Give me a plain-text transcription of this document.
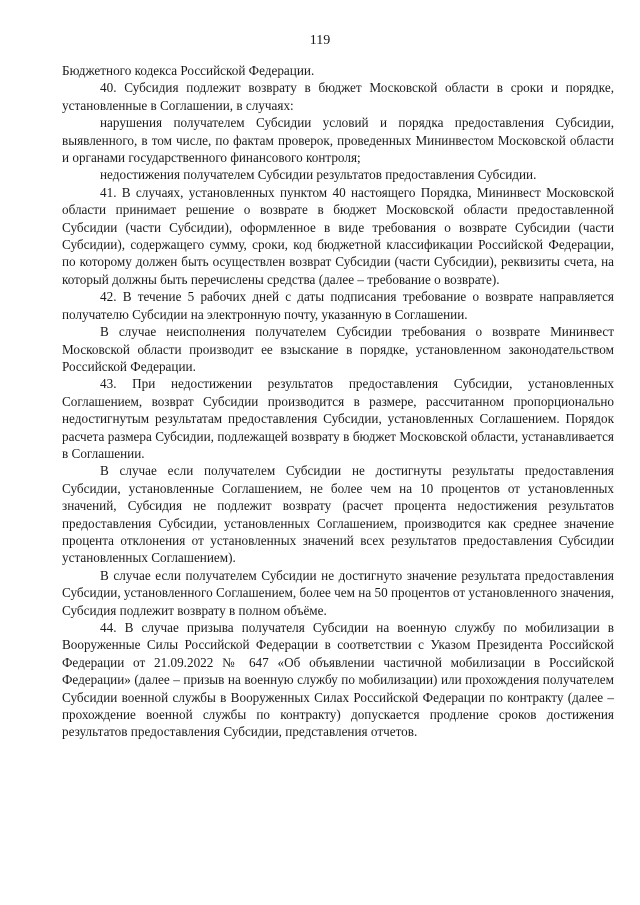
119

Бюджетного кодекса Российской Федерации.

40. Субсидия подлежит возврату в бюджет Московской области в сроки и порядке, установленные в Соглашении, в случаях:

нарушения получателем Субсидии условий и порядка предоставления Субсидии, выявленного, в том числе, по фактам проверок, проведенных Mининвестом Московской области и органами государственного финансового контроля;

недостижения получателем Субсидии результатов предоставления Субсидии.

41. В случаях, установленных пунктом 40 настоящего Порядка, Mининвест Московской области принимает решение о возврате в бюджет Московской области предоставленной Субсидии (части Субсидии), оформленное в виде требования о возврате Субсидии (части Субсидии), содержащего сумму, сроки, код бюджетной классификации Российской Федерации, по которому должен быть осуществлен возврат Субсидии (части Субсидии), реквизиты счета, на который должны быть перечислены средства (далее – требование о возврате).

42. В течение 5 рабочих дней с даты подписания требование о возврате направляется получателю Субсидии на электронную почту, указанную в Соглашении.

В случае неисполнения получателем Субсидии требования о возврате Mининвест Московской области производит ее взыскание в порядке, установленном законодательством Российской Федерации.

43. При недостижении результатов предоставления Субсидии, установленных Соглашением, возврат Субсидии производится в размере, рассчитанном пропорционально недостигнутым результатам предоставления Субсидии, установленных Соглашением. Порядок расчета размера Субсидии, подлежащей возврату в бюджет Московской области, устанавливается в Соглашении.

В случае если получателем Субсидии не достигнуты результаты предоставления Субсидии, установленные Соглашением, не более чем на 10 процентов от установленных значений, Субсидия не подлежит возврату (расчет процента недостижения результатов предоставления Субсидии, установленных Соглашением, производится как среднее значение процента отклонения от установленных значений всех результатов предоставления Субсидии установленных Соглашением).

В случае если получателем Субсидии не достигнуто значение результата предоставления Субсидии, установленного Соглашением, более чем на 50 процентов от установленного значения, Субсидия подлежит возврату в полном объёме.

44. В случае призыва получателя Субсидии на военную службу по мобилизации в Вооруженные Силы Российской Федерации в соответствии с Указом Президента Российской Федерации от 21.09.2022 № 647 «Об объявлении частичной мобилизации в Российской Федерации» (далее – призыв на военную службу по мобилизации) или прохождения получателем Субсидии военной службы в Вооруженных Силах Российской Федерации по контракту (далее – прохождение военной службы по контракту) допускается продление сроков достижения результатов предоставления Субсидии, представления отчетов.
